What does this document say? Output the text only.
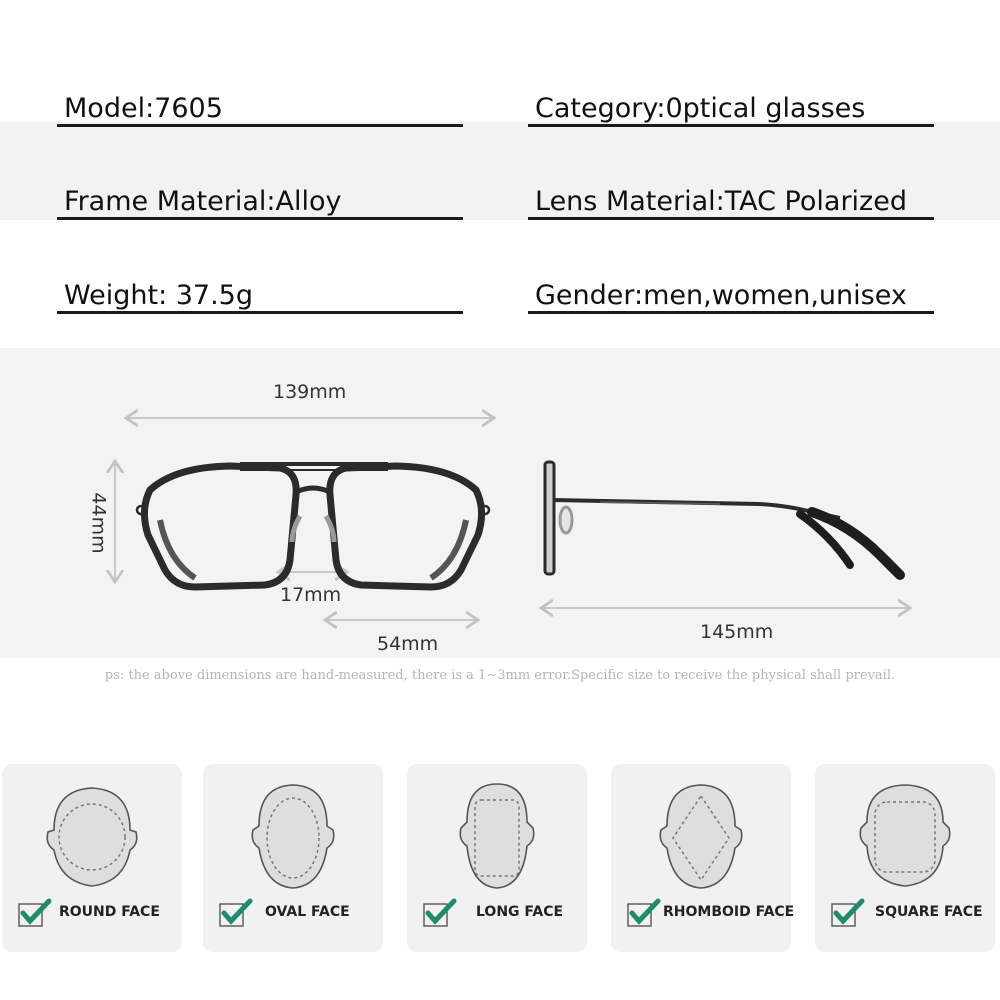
Model:7605	Category:0ptical glasses
Frame Material:Alloy	Lens Material:TAC Polarized
Weight: 37.5g	Gender:men,women,unisex
139mm
44mm
17mm
54mm
145mm
ps: the above dimensions are hand-measured, there is a 1~3mm error.Specific size to receive the physical shall prevail.
ROUND FACE	OVAL FACE	LONG FACE	RHOMBOID FACE	SQUARE FACE
